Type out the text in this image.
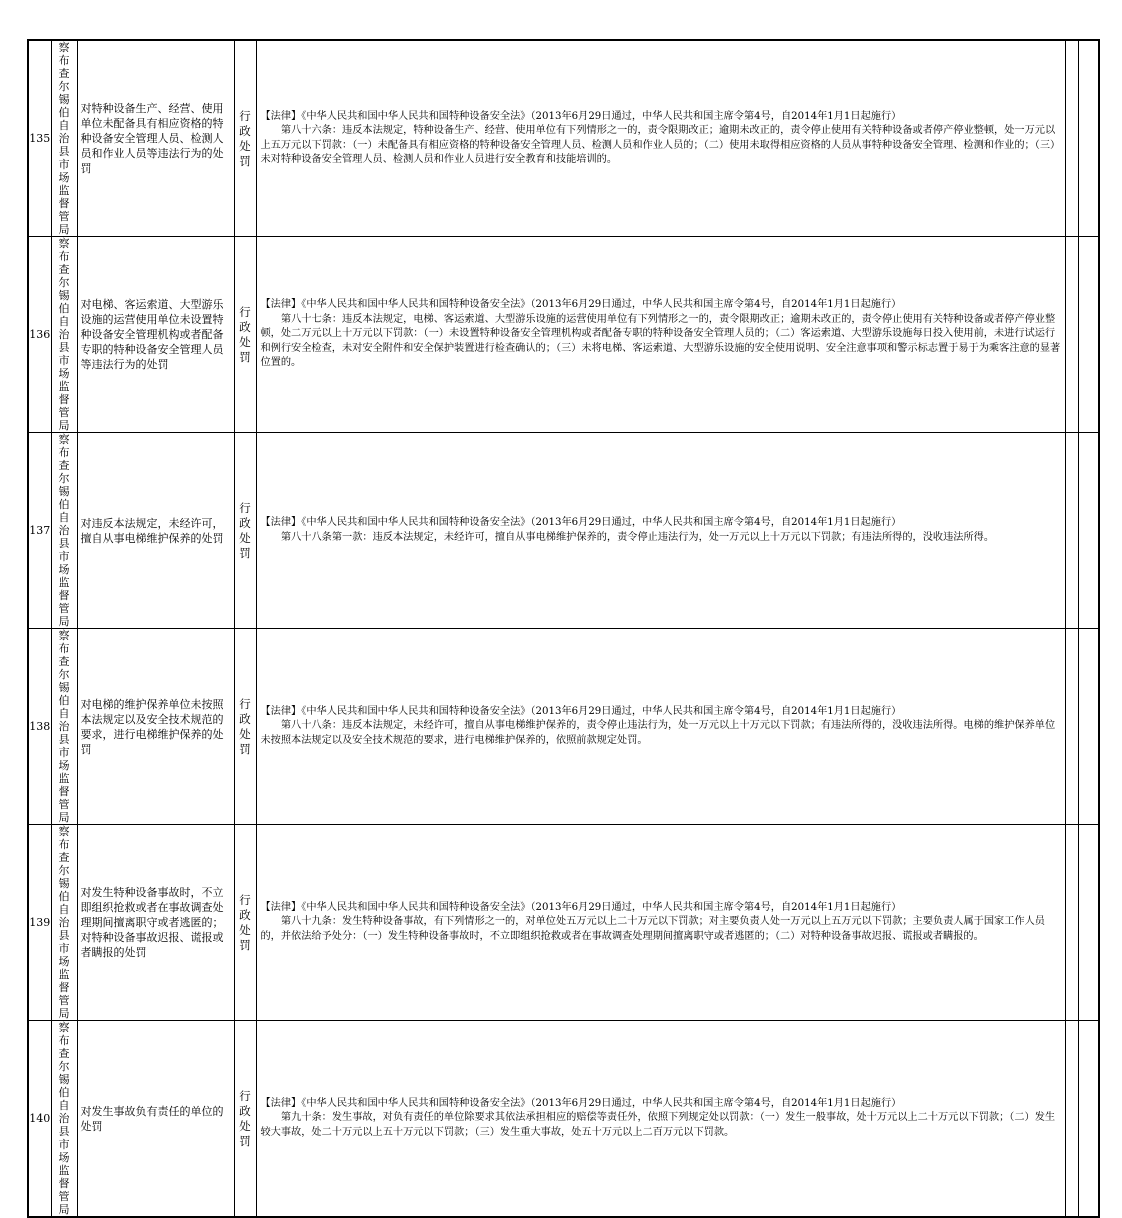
135	察布查尔锡伯自治县市场监督管局	对特种设备生产、经营、使用单位未配备具有相应资格的特种设备安全管理人员、检测人员和作业人员等违法行为的处罚	行政处罚	【法律】《中华人民共和国中华人民共和国特种设备安全法》（2013年6月29日通过，中华人民共和国主席令第4号，自2014年1月1日起施行）

第八十六条：违反本法规定，特种设备生产、经营、使用单位有下列情形之一的，责令限期改正；逾期未改正的，责令停止使用有关特种设备或者停产停业整顿，处一万元以上五万元以下罚款：（一）未配备具有相应资格的特种设备安全管理人员、检测人员和作业人员的；（二）使用未取得相应资格的人员从事特种设备安全管理、检测和作业的；（三）未对特种设备安全管理人员、检测人员和作业人员进行安全教育和技能培训的。		

136	察布查尔锡伯自治县市场监督管局	对电梯、客运索道、大型游乐设施的运营使用单位未设置特种设备安全管理机构或者配备专职的特种设备安全管理人员等违法行为的处罚	行政处罚	【法律】《中华人民共和国中华人民共和国特种设备安全法》（2013年6月29日通过，中华人民共和国主席令第4号，自2014年1月1日起施行）

第八十七条：违反本法规定，电梯、客运索道、大型游乐设施的运营使用单位有下列情形之一的，责令限期改正；逾期未改正的，责令停止使用有关特种设备或者停产停业整顿，处二万元以上十万元以下罚款：（一）未设置特种设备安全管理机构或者配备专职的特种设备安全管理人员的；（二）客运索道、大型游乐设施每日投入使用前，未进行试运行和例行安全检查，未对安全附件和安全保护装置进行检查确认的；（三）未将电梯、客运索道、大型游乐设施的安全使用说明、安全注意事项和警示标志置于易于为乘客注意的显著位置的。		

137	察布查尔锡伯自治县市场监督管局	对违反本法规定，未经许可，擅自从事电梯维护保养的处罚	行政处罚	【法律】《中华人民共和国中华人民共和国特种设备安全法》（2013年6月29日通过，中华人民共和国主席令第4号，自2014年1月1日起施行）

第八十八条第一款：违反本法规定，未经许可，擅自从事电梯维护保养的，责令停止违法行为，处一万元以上十万元以下罚款；有违法所得的，没收违法所得。		

138	察布查尔锡伯自治县市场监督管局	对电梯的维护保养单位未按照本法规定以及安全技术规范的要求，进行电梯维护保养的处罚	行政处罚	【法律】《中华人民共和国中华人民共和国特种设备安全法》（2013年6月29日通过，中华人民共和国主席令第4号，自2014年1月1日起施行）

第八十八条：违反本法规定，未经许可，擅自从事电梯维护保养的，责令停止违法行为，处一万元以上十万元以下罚款；有违法所得的，没收违法所得。电梯的维护保养单位未按照本法规定以及安全技术规范的要求，进行电梯维护保养的，依照前款规定处罚。		

139	察布查尔锡伯自治县市场监督管局	对发生特种设备事故时，不立即组织抢救或者在事故调查处理期间擅离职守或者逃匿的；对特种设备事故迟报、谎报或者瞒报的处罚	行政处罚	【法律】《中华人民共和国中华人民共和国特种设备安全法》（2013年6月29日通过，中华人民共和国主席令第4号，自2014年1月1日起施行）

第八十九条：发生特种设备事故，有下列情形之一的，对单位处五万元以上二十万元以下罚款；对主要负责人处一万元以上五万元以下罚款；主要负责人属于国家工作人员的，并依法给予处分：（一）发生特种设备事故时，不立即组织抢救或者在事故调查处理期间擅离职守或者逃匿的；（二）对特种设备事故迟报、谎报或者瞒报的。		

140	察布查尔锡伯自治县市场监督管局	对发生事故负有责任的单位的处罚	行政处罚	【法律】《中华人民共和国中华人民共和国特种设备安全法》（2013年6月29日通过，中华人民共和国主席令第4号，自2014年1月1日起施行）

第九十条：发生事故，对负有责任的单位除要求其依法承担相应的赔偿等责任外，依照下列规定处以罚款：（一）发生一般事故，处十万元以上二十万元以下罚款；（二）发生较大事故，处二十万元以上五十万元以下罚款；（三）发生重大事故，处五十万元以上二百万元以下罚款。		
